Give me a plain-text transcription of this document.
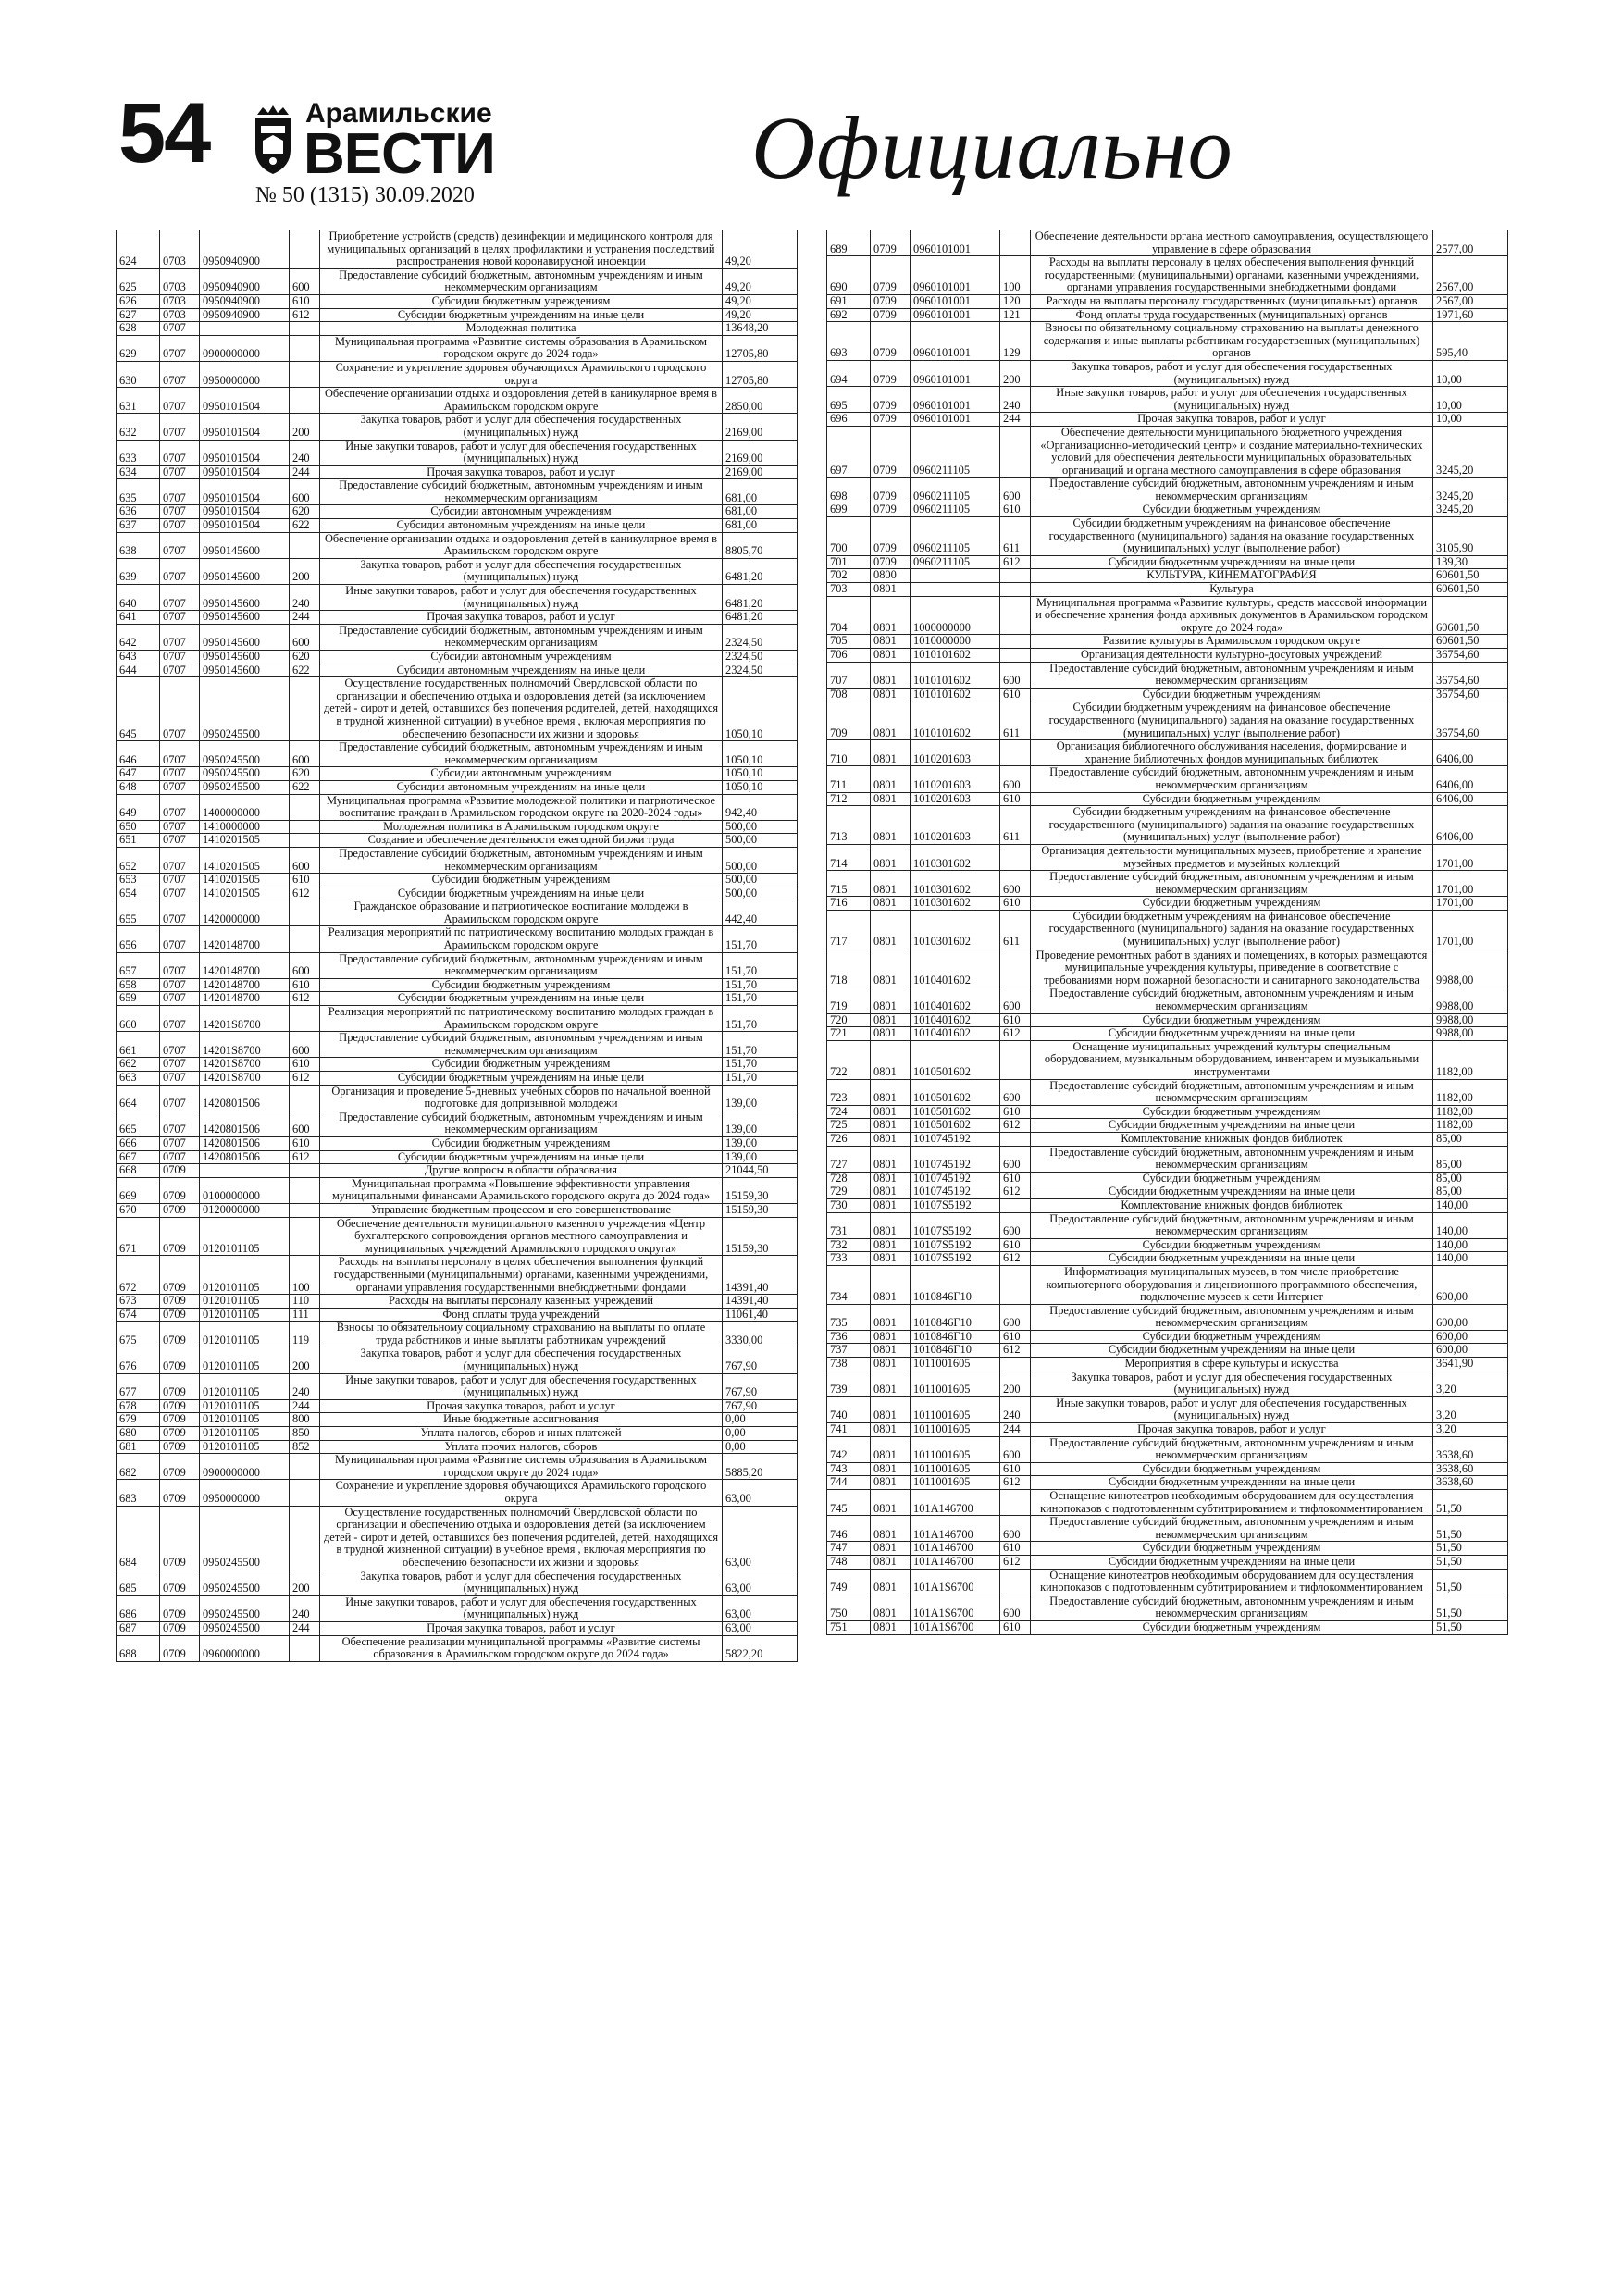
54	Арамильские
ВЕСТИ
№ 50 (1315) 30.09.2020	Официально
624	0703	0950940900		Приобретение устройств (средств) дезинфекции и медицинского контроля для муниципальных организаций в целях профилактики и устранения последствий распространения новой коронавирусной инфекции	49,20
625	0703	0950940900	600	Предоставление субсидий бюджетным, автономным учреждениям и иным некоммерческим организациям	49,20
626	0703	0950940900	610	Субсидии бюджетным учреждениям	49,20
627	0703	0950940900	612	Субсидии бюджетным учреждениям на иные цели	49,20
628	0707			Молодежная политика	13648,20
629	0707	0900000000		Муниципальная программа «Развитие системы образования в Арамильском городском округе до 2024 года»	12705,80
630	0707	0950000000		Сохранение и укрепление здоровья обучающихся Арамильского городского округа	12705,80
631	0707	0950101504		Обеспечение организации отдыха и оздоровления детей в каникулярное время в Арамильском городском округе	2850,00
632	0707	0950101504	200	Закупка товаров, работ и услуг для обеспечения государственных (муниципальных) нужд	2169,00
633	0707	0950101504	240	Иные закупки товаров, работ и услуг для обеспечения государственных (муниципальных) нужд	2169,00
634	0707	0950101504	244	Прочая закупка товаров, работ и услуг	2169,00
635	0707	0950101504	600	Предоставление субсидий бюджетным, автономным учреждениям и иным некоммерческим организациям	681,00
636	0707	0950101504	620	Субсидии автономным учреждениям	681,00
637	0707	0950101504	622	Субсидии автономным учреждениям на иные цели	681,00
638	0707	0950145600		Обеспечение организации отдыха и оздоровления детей в каникулярное время в Арамильском городском округе	8805,70
639	0707	0950145600	200	Закупка товаров, работ и услуг для обеспечения государственных (муниципальных) нужд	6481,20
640	0707	0950145600	240	Иные закупки товаров, работ и услуг для обеспечения государственных (муниципальных) нужд	6481,20
641	0707	0950145600	244	Прочая закупка товаров, работ и услуг	6481,20
642	0707	0950145600	600	Предоставление субсидий бюджетным, автономным учреждениям и иным некоммерческим организациям	2324,50
643	0707	0950145600	620	Субсидии автономным учреждениям	2324,50
644	0707	0950145600	622	Субсидии автономным учреждениям на иные цели	2324,50
645	0707	0950245500		Осуществление государственных полномочий Свердловской области по организации и обеспечению отдыха и оздоровления детей (за исключением детей - сирот и детей, оставшихся без попечения родителей, детей, находящихся в трудной жизненной ситуации) в учебное время , включая мероприятия по обеспечению безопасности их жизни и здоровья	1050,10
646	0707	0950245500	600	Предоставление субсидий бюджетным, автономным учреждениям и иным некоммерческим организациям	1050,10
647	0707	0950245500	620	Субсидии автономным учреждениям	1050,10
648	0707	0950245500	622	Субсидии автономным учреждениям на иные цели	1050,10
649	0707	1400000000		Муниципальная программа «Развитие молодежной политики и патриотическое воспитание граждан в Арамильском городском округе на 2020-2024 годы»	942,40
650	0707	1410000000		Молодежная политика в Арамильском городском округе	500,00
651	0707	1410201505		Создание и обеспечение деятельности ежегодной биржи труда	500,00
652	0707	1410201505	600	Предоставление субсидий бюджетным, автономным учреждениям и иным некоммерческим организациям	500,00
653	0707	1410201505	610	Субсидии бюджетным учреждениям	500,00
654	0707	1410201505	612	Субсидии бюджетным учреждениям на иные цели	500,00
655	0707	1420000000		Гражданское образование и патриотическое воспитание молодежи в Арамильском городском округе	442,40
656	0707	1420148700		Реализация мероприятий по патриотическому воспитанию молодых граждан в Арамильском городском округе	151,70
657	0707	1420148700	600	Предоставление субсидий бюджетным, автономным учреждениям и иным некоммерческим организациям	151,70
658	0707	1420148700	610	Субсидии бюджетным учреждениям	151,70
659	0707	1420148700	612	Субсидии бюджетным учреждениям на иные цели	151,70
660	0707	14201S8700		Реализация мероприятий по патриотическому воспитанию молодых граждан в Арамильском городском округе	151,70
661	0707	14201S8700	600	Предоставление субсидий бюджетным, автономным учреждениям и иным некоммерческим организациям	151,70
662	0707	14201S8700	610	Субсидии бюджетным учреждениям	151,70
663	0707	14201S8700	612	Субсидии бюджетным учреждениям на иные цели	151,70
664	0707	1420801506		Организация и проведение 5-дневных учебных сборов по начальной военной подготовке для допризывной молодежи	139,00
665	0707	1420801506	600	Предоставление субсидий бюджетным, автономным учреждениям и иным некоммерческим организациям	139,00
666	0707	1420801506	610	Субсидии бюджетным учреждениям	139,00
667	0707	1420801506	612	Субсидии бюджетным учреждениям на иные цели	139,00
668	0709			Другие вопросы в области образования	21044,50
669	0709	0100000000		Муниципальная программа «Повышение эффективности управления муниципальными финансами Арамильского городского округа до 2024 года»	15159,30
670	0709	0120000000		Управление бюджетным процессом и его совершенствование	15159,30
671	0709	0120101105		Обеспечение деятельности муниципального казенного учреждения «Центр бухгалтерского сопровождения органов местного самоуправления и муниципальных учреждений Арамильского городского округа»	15159,30
672	0709	0120101105	100	Расходы на выплаты персоналу в целях обеспечения выполнения функций государственными (муниципальными) органами, казенными учреждениями, органами управления государственными внебюджетными фондами	14391,40
673	0709	0120101105	110	Расходы на выплаты персоналу казенных учреждений	14391,40
674	0709	0120101105	111	Фонд оплаты труда учреждений	11061,40
675	0709	0120101105	119	Взносы по обязательному социальному страхованию на выплаты по оплате труда работников и иные выплаты работникам учреждений	3330,00
676	0709	0120101105	200	Закупка товаров, работ и услуг для обеспечения государственных (муниципальных) нужд	767,90
677	0709	0120101105	240	Иные закупки товаров, работ и услуг для обеспечения государственных (муниципальных) нужд	767,90
678	0709	0120101105	244	Прочая закупка товаров, работ и услуг	767,90
679	0709	0120101105	800	Иные бюджетные ассигнования	0,00
680	0709	0120101105	850	Уплата налогов, сборов и иных платежей	0,00
681	0709	0120101105	852	Уплата прочих налогов, сборов	0,00
682	0709	0900000000		Муниципальная программа «Развитие системы образования в Арамильском городском округе до 2024 года»	5885,20
683	0709	0950000000		Сохранение и укрепление здоровья обучающихся Арамильского городского округа	63,00
684	0709	0950245500		Осуществление государственных полномочий Свердловской области по организации и обеспечению отдыха и оздоровления детей (за исключением детей - сирот и детей, оставшихся без попечения родителей, детей, находящихся в трудной жизненной ситуации) в учебное время , включая мероприятия по обеспечению безопасности их жизни и здоровья	63,00
685	0709	0950245500	200	Закупка товаров, работ и услуг для обеспечения государственных (муниципальных) нужд	63,00
686	0709	0950245500	240	Иные закупки товаров, работ и услуг для обеспечения государственных (муниципальных) нужд	63,00
687	0709	0950245500	244	Прочая закупка товаров, работ и услуг	63,00
688	0709	0960000000		Обеспечение реализации муниципальной программы «Развитие системы образования в Арамильском городском округе до 2024 года»	5822,20
689	0709	0960101001		Обеспечение деятельности органа местного самоуправления, осуществляющего управление в сфере образования	2577,00
690	0709	0960101001	100	Расходы на выплаты персоналу в целях обеспечения выполнения функций государственными (муниципальными) органами, казенными учреждениями, органами управления государственными внебюджетными фондами	2567,00
691	0709	0960101001	120	Расходы на выплаты персоналу государственных (муниципальных) органов	2567,00
692	0709	0960101001	121	Фонд оплаты труда государственных (муниципальных) органов	1971,60
693	0709	0960101001	129	Взносы по обязательному социальному страхованию на выплаты денежного содержания и иные выплаты работникам государственных (муниципальных) органов	595,40
694	0709	0960101001	200	Закупка товаров, работ и услуг для обеспечения государственных (муниципальных) нужд	10,00
695	0709	0960101001	240	Иные закупки товаров, работ и услуг для обеспечения государственных (муниципальных) нужд	10,00
696	0709	0960101001	244	Прочая закупка товаров, работ и услуг	10,00
697	0709	0960211105		Обеспечение деятельности муниципального бюджетного учреждения «Организационно-методический центр» и создание материально-технических условий для обеспечения деятельности муниципальных образовательных организаций и органа местного самоуправления в сфере образования	3245,20
698	0709	0960211105	600	Предоставление субсидий бюджетным, автономным учреждениям и иным некоммерческим организациям	3245,20
699	0709	0960211105	610	Субсидии бюджетным учреждениям	3245,20
700	0709	0960211105	611	Субсидии бюджетным учреждениям на финансовое обеспечение государственного (муниципального) задания на оказание государственных (муниципальных) услуг (выполнение работ)	3105,90
701	0709	0960211105	612	Субсидии бюджетным учреждениям на иные цели	139,30
702	0800			КУЛЬТУРА, КИНЕМАТОГРАФИЯ	60601,50
703	0801			Культура	60601,50
704	0801	1000000000		Муниципальная программа «Развитие культуры, средств массовой информации и обеспечение хранения фонда архивных документов в Арамильском городском округе до 2024 года»	60601,50
705	0801	1010000000		Развитие культуры в Арамильском городском округе	60601,50
706	0801	1010101602		Организация деятельности культурно-досуговых учреждений	36754,60
707	0801	1010101602	600	Предоставление субсидий бюджетным, автономным учреждениям и иным некоммерческим организациям	36754,60
708	0801	1010101602	610	Субсидии бюджетным учреждениям	36754,60
709	0801	1010101602	611	Субсидии бюджетным учреждениям на финансовое обеспечение государственного (муниципального) задания на оказание государственных (муниципальных) услуг (выполнение работ)	36754,60
710	0801	1010201603		Организация библиотечного обслуживания населения, формирование и хранение библиотечных фондов муниципальных библиотек	6406,00
711	0801	1010201603	600	Предоставление субсидий бюджетным, автономным учреждениям и иным некоммерческим организациям	6406,00
712	0801	1010201603	610	Субсидии бюджетным учреждениям	6406,00
713	0801	1010201603	611	Субсидии бюджетным учреждениям на финансовое обеспечение государственного (муниципального) задания на оказание государственных (муниципальных) услуг (выполнение работ)	6406,00
714	0801	1010301602		Организация деятельности муниципальных музеев, приобретение и хранение музейных предметов и музейных коллекций	1701,00
715	0801	1010301602	600	Предоставление субсидий бюджетным, автономным учреждениям и иным некоммерческим организациям	1701,00
716	0801	1010301602	610	Субсидии бюджетным учреждениям	1701,00
717	0801	1010301602	611	Субсидии бюджетным учреждениям на финансовое обеспечение государственного (муниципального) задания на оказание государственных (муниципальных) услуг (выполнение работ)	1701,00
718	0801	1010401602		Проведение ремонтных работ в зданиях и помещениях, в которых размещаются муниципальные учреждения культуры, приведение в соответствие с требованиями норм пожарной безопасности и санитарного законодательства	9988,00
719	0801	1010401602	600	Предоставление субсидий бюджетным, автономным учреждениям и иным некоммерческим организациям	9988,00
720	0801	1010401602	610	Субсидии бюджетным учреждениям	9988,00
721	0801	1010401602	612	Субсидии бюджетным учреждениям на иные цели	9988,00
722	0801	1010501602		Оснащение муниципальных учреждений культуры специальным оборудованием, музыкальным оборудованием, инвентарем и музыкальными инструментами	1182,00
723	0801	1010501602	600	Предоставление субсидий бюджетным, автономным учреждениям и иным некоммерческим организациям	1182,00
724	0801	1010501602	610	Субсидии бюджетным учреждениям	1182,00
725	0801	1010501602	612	Субсидии бюджетным учреждениям на иные цели	1182,00
726	0801	1010745192		Комплектование книжных фондов библиотек	85,00
727	0801	1010745192	600	Предоставление субсидий бюджетным, автономным учреждениям и иным некоммерческим организациям	85,00
728	0801	1010745192	610	Субсидии бюджетным учреждениям	85,00
729	0801	1010745192	612	Субсидии бюджетным учреждениям на иные цели	85,00
730	0801	10107S5192		Комплектование книжных фондов библиотек	140,00
731	0801	10107S5192	600	Предоставление субсидий бюджетным, автономным учреждениям и иным некоммерческим организациям	140,00
732	0801	10107S5192	610	Субсидии бюджетным учреждениям	140,00
733	0801	10107S5192	612	Субсидии бюджетным учреждениям на иные цели	140,00
734	0801	1010846Г10		Информатизация муниципальных музеев, в том числе приобретение компьютерного оборудования и лицензионного программного обеспечения, подключение музеев к сети Интернет	600,00
735	0801	1010846Г10	600	Предоставление субсидий бюджетным, автономным учреждениям и иным некоммерческим организациям	600,00
736	0801	1010846Г10	610	Субсидии бюджетным учреждениям	600,00
737	0801	1010846Г10	612	Субсидии бюджетным учреждениям на иные цели	600,00
738	0801	1011001605		Мероприятия в сфере культуры и искусства	3641,90
739	0801	1011001605	200	Закупка товаров, работ и услуг для обеспечения государственных (муниципальных) нужд	3,20
740	0801	1011001605	240	Иные закупки товаров, работ и услуг для обеспечения государственных (муниципальных) нужд	3,20
741	0801	1011001605	244	Прочая закупка товаров, работ и услуг	3,20
742	0801	1011001605	600	Предоставление субсидий бюджетным, автономным учреждениям и иным некоммерческим организациям	3638,60
743	0801	1011001605	610	Субсидии бюджетным учреждениям	3638,60
744	0801	1011001605	612	Субсидии бюджетным учреждениям на иные цели	3638,60
745	0801	101A146700		Оснащение кинотеатров необходимым оборудованием для осуществления кинопоказов с подготовленным субтитрированием и тифлокомментированием	51,50
746	0801	101A146700	600	Предоставление субсидий бюджетным, автономным учреждениям и иным некоммерческим организациям	51,50
747	0801	101A146700	610	Субсидии бюджетным учреждениям	51,50
748	0801	101A146700	612	Субсидии бюджетным учреждениям на иные цели	51,50
749	0801	101A1S6700		Оснащение кинотеатров необходимым оборудованием для осуществления кинопоказов с подготовленным субтитрированием и тифлокомментированием	51,50
750	0801	101A1S6700	600	Предоставление субсидий бюджетным, автономным учреждениям и иным некоммерческим организациям	51,50
751	0801	101A1S6700	610	Субсидии бюджетным учреждениям	51,50
